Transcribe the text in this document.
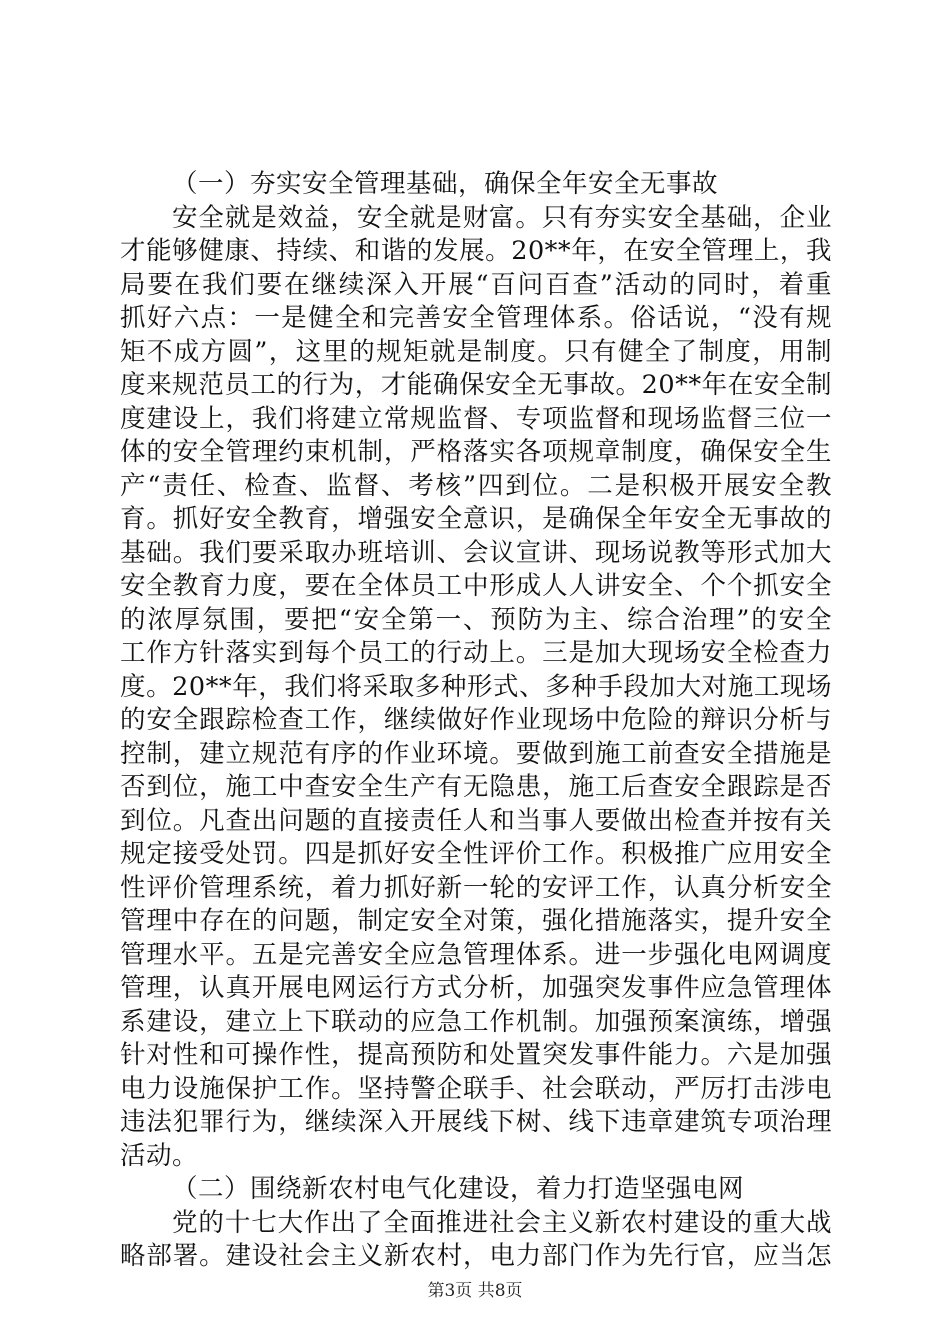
（一）夯实安全管理基础，确保全年安全无事故
安全就是效益，安全就是财富。只有夯实安全基础，企业
才能够健康、持续、和谐的发展。20**年，在安全管理上，我
局要在我们要在继续深入开展“百问百查”活动的同时，着重
抓好六点：一是健全和完善安全管理体系。俗话说，“没有规
矩不成方圆”，这里的规矩就是制度。只有健全了制度，用制
度来规范员工的行为，才能确保安全无事故。20**年在安全制
度建设上，我们将建立常规监督、专项监督和现场监督三位一
体的安全管理约束机制，严格落实各项规章制度，确保安全生
产“责任、检查、监督、考核”四到位。二是积极开展安全教
育。抓好安全教育，增强安全意识，是确保全年安全无事故的
基础。我们要采取办班培训、会议宣讲、现场说教等形式加大
安全教育力度，要在全体员工中形成人人讲安全、个个抓安全
的浓厚氛围，要把“安全第一、预防为主、综合治理”的安全
工作方针落实到每个员工的行动上。三是加大现场安全检查力
度。20**年，我们将采取多种形式、多种手段加大对施工现场
的安全跟踪检查工作，继续做好作业现场中危险的辩识分析与
控制，建立规范有序的作业环境。要做到施工前查安全措施是
否到位，施工中查安全生产有无隐患，施工后查安全跟踪是否
到位。凡查出问题的直接责任人和当事人要做出检查并按有关
规定接受处罚。四是抓好安全性评价工作。积极推广应用安全
性评价管理系统，着力抓好新一轮的安评工作，认真分析安全
管理中存在的问题，制定安全对策，强化措施落实，提升安全
管理水平。五是完善安全应急管理体系。进一步强化电网调度
管理，认真开展电网运行方式分析，加强突发事件应急管理体
系建设，建立上下联动的应急工作机制。加强预案演练，增强
针对性和可操作性，提高预防和处置突发事件能力。六是加强
电力设施保护工作。坚持警企联手、社会联动，严厉打击涉电
违法犯罪行为，继续深入开展线下树、线下违章建筑专项治理
活动。
（二）围绕新农村电气化建设，着力打造坚强电网
党的十七大作出了全面推进社会主义新农村建设的重大战
略部署。建设社会主义新农村，电力部门作为先行官，应当怎
第3页 共8页
